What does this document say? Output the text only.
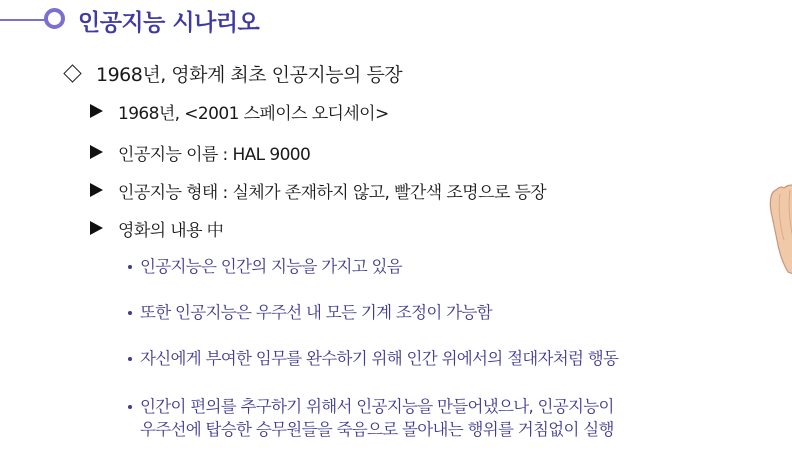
인공지능 시나리오
1968년, 영화계 최초 인공지능의 등장
1968년, <2001 스페이스 오디세이>
인공지능 이름 : HAL 9000
인공지능 형태 : 실체가 존재하지 않고, 빨간색 조명으로 등장
영화의 내용 中
인공지능은 인간의 지능을 가지고 있음
또한 인공지능은 우주선 내 모든 기계 조정이 가능함
자신에게 부여한 임무를 완수하기 위해 인간 위에서의 절대자처럼 행동
인간이 편의를 추구하기 위해서 인공지능을 만들어냈으나, 인공지능이
우주선에 탑승한 승무원들을 죽음으로 몰아내는 행위를 거침없이 실행
